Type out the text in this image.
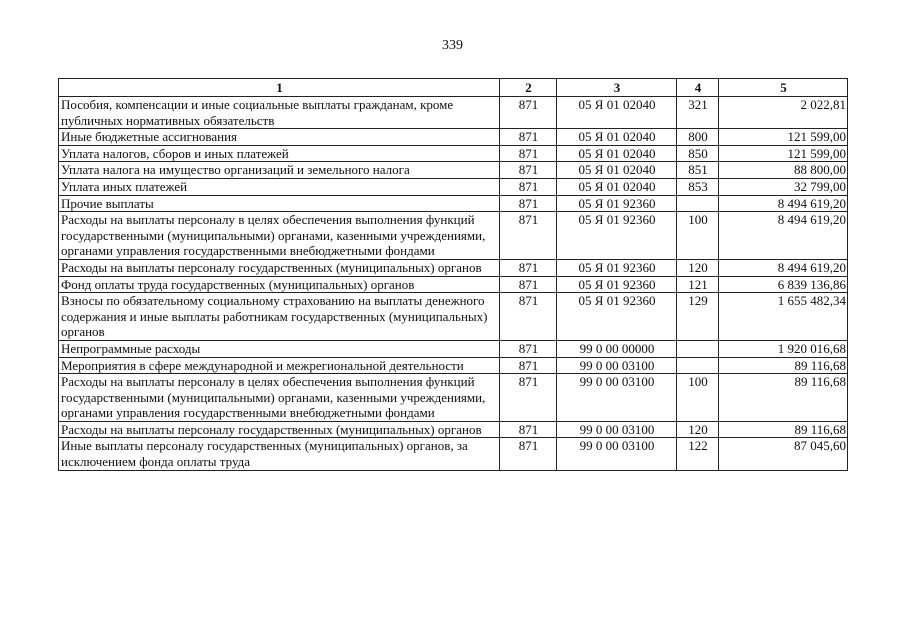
339
1	2	3	4	5
Пособия, компенсации и иные социальные выплаты гражданам, кроме публичных нормативных обязательств	871	05 Я 01 02040	321	2 022,81
Иные бюджетные ассигнования	871	05 Я 01 02040	800	121 599,00
Уплата налогов, сборов и иных платежей	871	05 Я 01 02040	850	121 599,00
Уплата налога на имущество организаций и земельного налога	871	05 Я 01 02040	851	88 800,00
Уплата иных платежей	871	05 Я 01 02040	853	32 799,00
Прочие выплаты	871	05 Я 01 92360		8 494 619,20
Расходы на выплаты персоналу в целях обеспечения выполнения функций государственными (муниципальными) органами, казенными учреждениями, органами управления государственными внебюджетными фондами	871	05 Я 01 92360	100	8 494 619,20
Расходы на выплаты персоналу государственных (муниципальных) органов	871	05 Я 01 92360	120	8 494 619,20
Фонд оплаты труда государственных (муниципальных) органов	871	05 Я 01 92360	121	6 839 136,86
Взносы по обязательному социальному страхованию на выплаты денежного содержания и иные выплаты работникам государственных (муниципальных) органов	871	05 Я 01 92360	129	1 655 482,34
Непрограммные расходы	871	99 0 00 00000		1 920 016,68
Мероприятия в сфере международной и межрегиональной деятельности	871	99 0 00 03100		89 116,68
Расходы на выплаты персоналу в целях обеспечения выполнения функций государственными (муниципальными) органами, казенными учреждениями, органами управления государственными внебюджетными фондами	871	99 0 00 03100	100	89 116,68
Расходы на выплаты персоналу государственных (муниципальных) органов	871	99 0 00 03100	120	89 116,68
Иные выплаты персоналу государственных (муниципальных) органов, за исключением фонда оплаты труда	871	99 0 00 03100	122	87 045,60
